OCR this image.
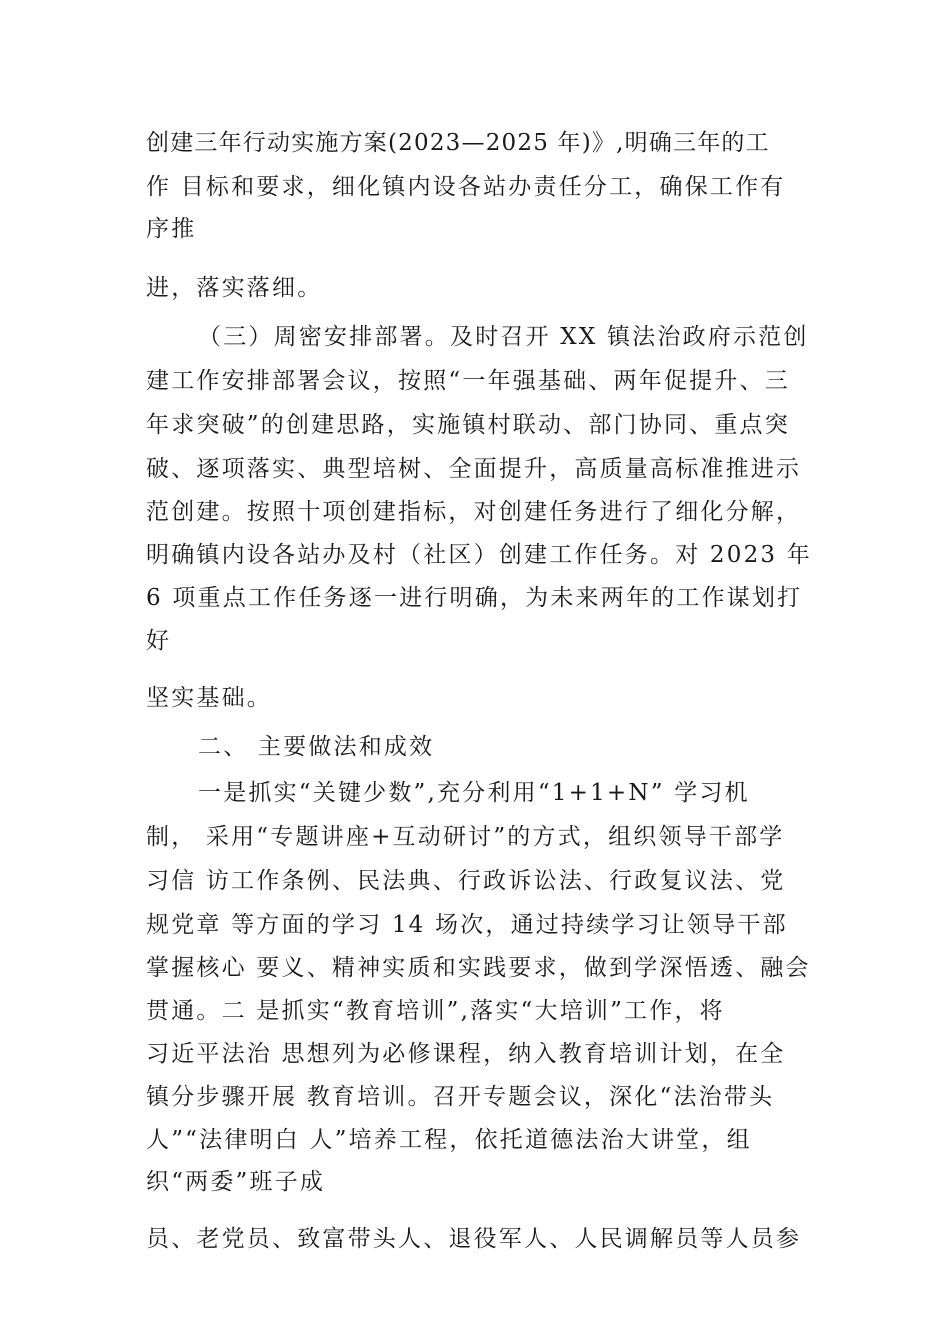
创建三年行动实施方案(2023—2025 年)》,明确三年的工
作 目标和要求，细化镇内设各站办责任分工，确保工作有
序推
进，落实落细。
（三）周密安排部署。及时召开 XX 镇法治政府示范创
建工作安排部署会议，按照“一年强基础、两年促提升、三
年求突破”的创建思路，实施镇村联动、部门协同、重点突
破、逐项落实、典型培树、全面提升，高质量高标准推进示
范创建。按照十项创建指标，对创建任务进行了细化分解，
明确镇内设各站办及村（社区）创建工作任务。对 2023 年
6 项重点工作任务逐一进行明确，为未来两年的工作谋划打
好
坚实基础。
二、 主要做法和成效
一是抓实“关键少数”,充分利用“1+1+N” 学习机
制， 采用“专题讲座+互动研讨”的方式，组织领导干部学
习信 访工作条例、民法典、行政诉讼法、行政复议法、党
规党章 等方面的学习 14 场次，通过持续学习让领导干部
掌握核心 要义、精神实质和实践要求，做到学深悟透、融会
贯通。二 是抓实“教育培训”,落实“大培训”工作，将
习近平法治 思想列为必修课程，纳入教育培训计划，在全
镇分步骤开展 教育培训。召开专题会议，深化“法治带头
人”“法律明白 人”培养工程，依托道德法治大讲堂，组
织“两委”班子成
员、老党员、致富带头人、退役军人、人民调解员等人员参
